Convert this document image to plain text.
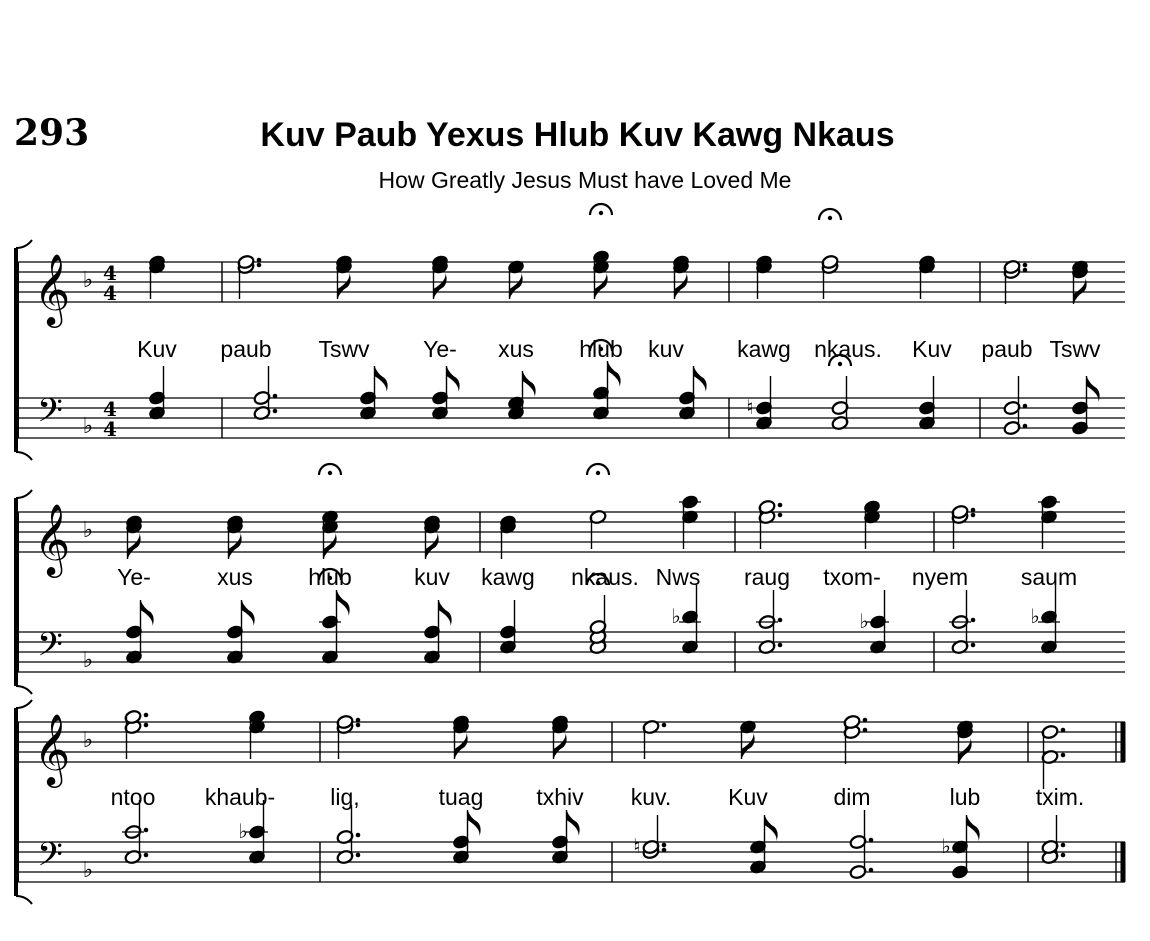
293	Kuv Paub Yexus Hlub Kuv Kawg Nkaus
How Greatly Jesus Must have Loved Me
𝄞
𝄢
♭
♭
4
4
4
4
♮
Kuv paub Tswv Ye- xus hlub kuv kawg nkaus. Kuv paub Tswv
𝄞
𝄢
♭
♭
♭	♭	♭
Ye-	xus hlub	kuv kawg nkaus. Nws raug txom- nyem saum
𝄞
𝄢
♭
♭
♭
♮	♭
ntoo khaub- lig,	tuag txhiv kuv. Kuv	dim	lub txim.
